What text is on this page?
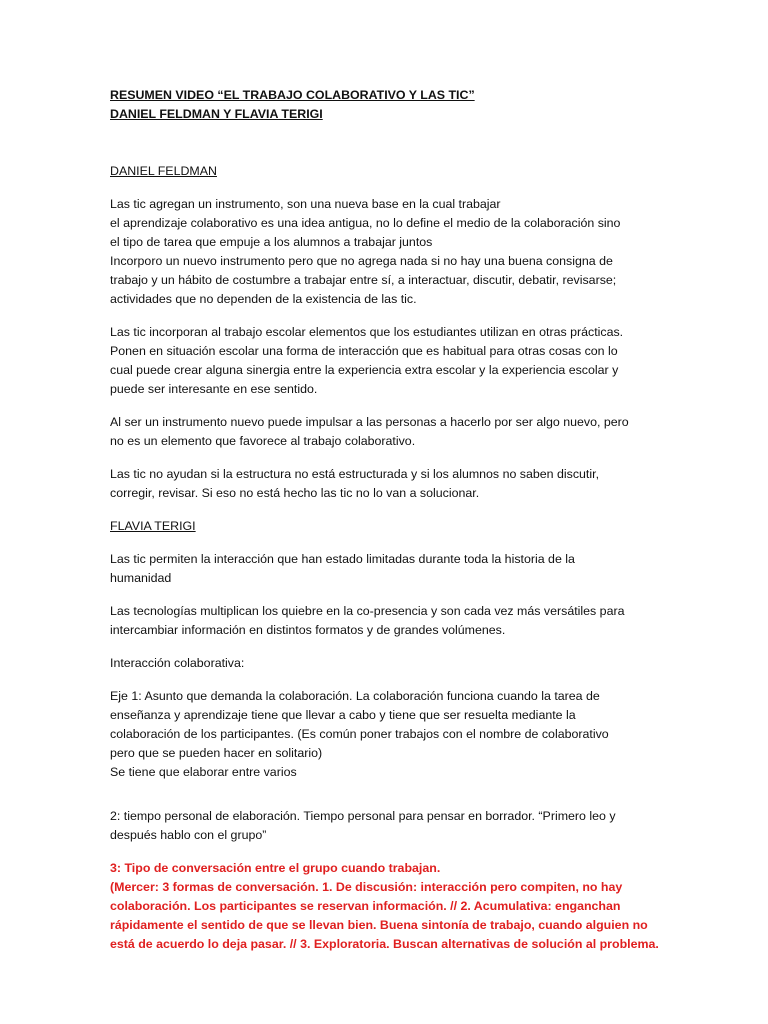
RESUMEN VIDEO “EL TRABAJO COLABORATIVO Y LAS TIC”
DANIEL FELDMAN Y FLAVIA TERIGI
DANIEL FELDMAN
Las tic agregan un instrumento, son una nueva base en la cual trabajar
el aprendizaje colaborativo es una idea antigua, no lo define el medio de la colaboración sino
el tipo de tarea que empuje a los alumnos a trabajar juntos
Incorporo un nuevo instrumento pero que no agrega nada si no hay una buena consigna de
trabajo y un hábito de costumbre a trabajar entre sí, a interactuar, discutir, debatir, revisarse;
actividades que no dependen de la existencia de las tic.
Las tic incorporan al trabajo escolar elementos que los estudiantes utilizan en otras prácticas.
Ponen en situación escolar una forma de interacción que es habitual para otras cosas con lo
cual puede crear alguna sinergia entre la experiencia extra escolar y la experiencia escolar y
puede ser interesante en ese sentido.
Al ser un instrumento nuevo puede impulsar a las personas a hacerlo por ser algo nuevo, pero
no es un elemento que favorece al trabajo colaborativo.
Las tic no ayudan si la estructura no está estructurada y si los alumnos no saben discutir,
corregir, revisar. Si eso no está hecho las tic no lo van a solucionar.
FLAVIA TERIGI
Las tic permiten la interacción que han estado limitadas durante toda la historia de la
humanidad
Las tecnologías multiplican los quiebre en la co-presencia y son cada vez más versátiles para
intercambiar información en distintos formatos y de grandes volúmenes.
Interacción colaborativa:
Eje 1: Asunto que demanda la colaboración. La colaboración funciona cuando la tarea de
enseñanza y aprendizaje tiene que llevar a cabo y tiene que ser resuelta mediante la
colaboración de los participantes. (Es común poner trabajos con el nombre de colaborativo
pero que se pueden hacer en solitario)
Se tiene que elaborar entre varios
2: tiempo personal de elaboración. Tiempo personal para pensar en borrador. “Primero leo y
después hablo con el grupo”
3: Tipo de conversación entre el grupo cuando trabajan.
(Mercer: 3 formas de conversación. 1. De discusión: interacción pero compiten, no hay
colaboración. Los participantes se reservan información. // 2. Acumulativa: enganchan
rápidamente el sentido de que se llevan bien. Buena sintonía de trabajo, cuando alguien no
está de acuerdo lo deja pasar. // 3. Exploratoria. Buscan alternativas de solución al problema.
